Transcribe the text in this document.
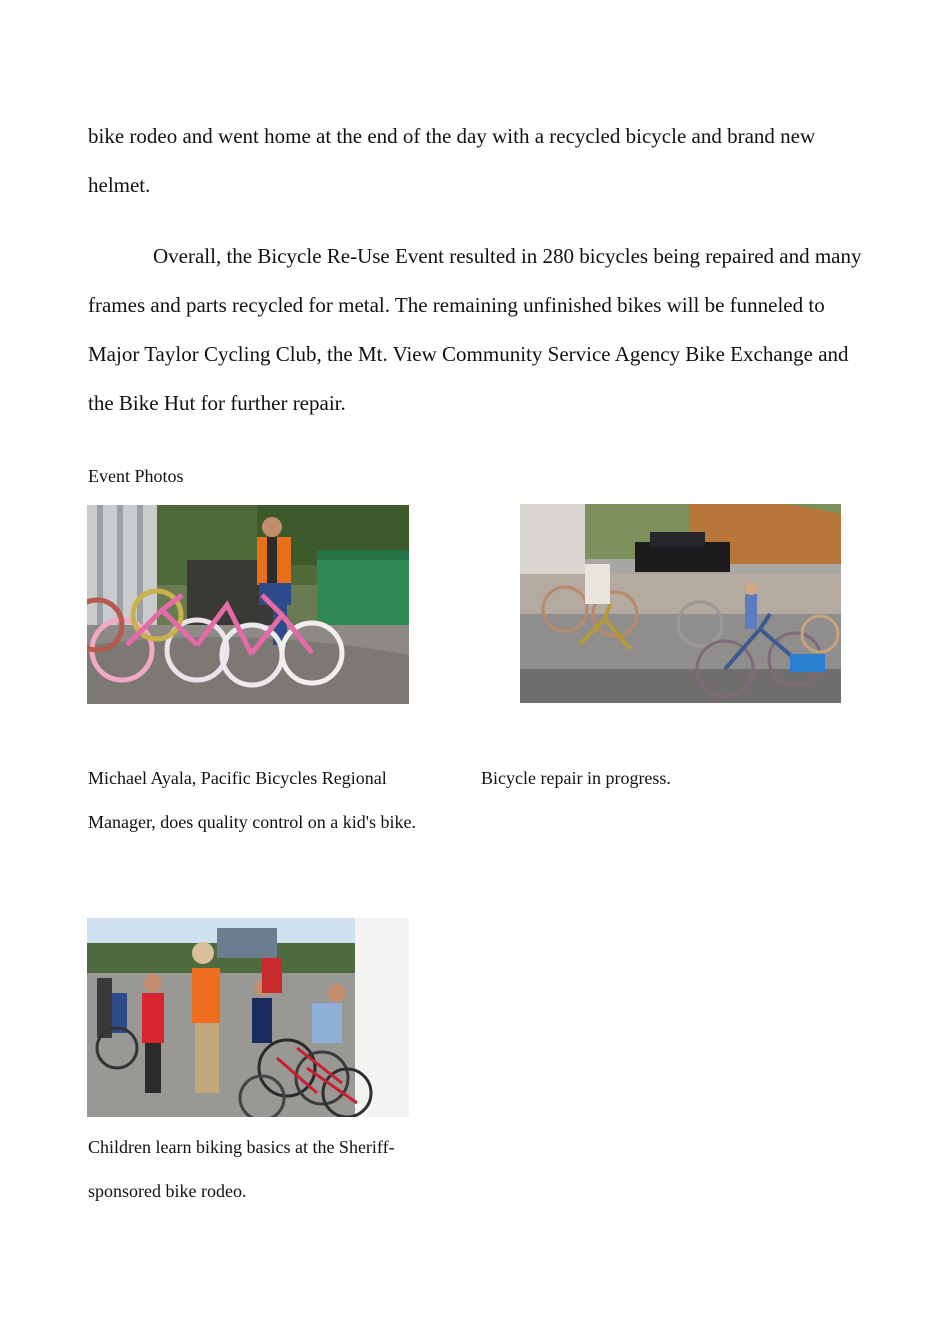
bike rodeo and went home at the end of the day with a recycled bicycle and brand new helmet.

Overall, the Bicycle Re-Use Event resulted in 280 bicycles being repaired and many frames and parts recycled for metal. The remaining unfinished bikes will be funneled to Major Taylor Cycling Club, the Mt. View Community Service Agency Bike Exchange and the Bike Hut for further repair.

Event Photos

Michael Ayala, Pacific Bicycles Regional Manager, does quality control on a kid's bike.

Bicycle repair in progress.

Children learn biking basics at the Sheriff-sponsored bike rodeo.
